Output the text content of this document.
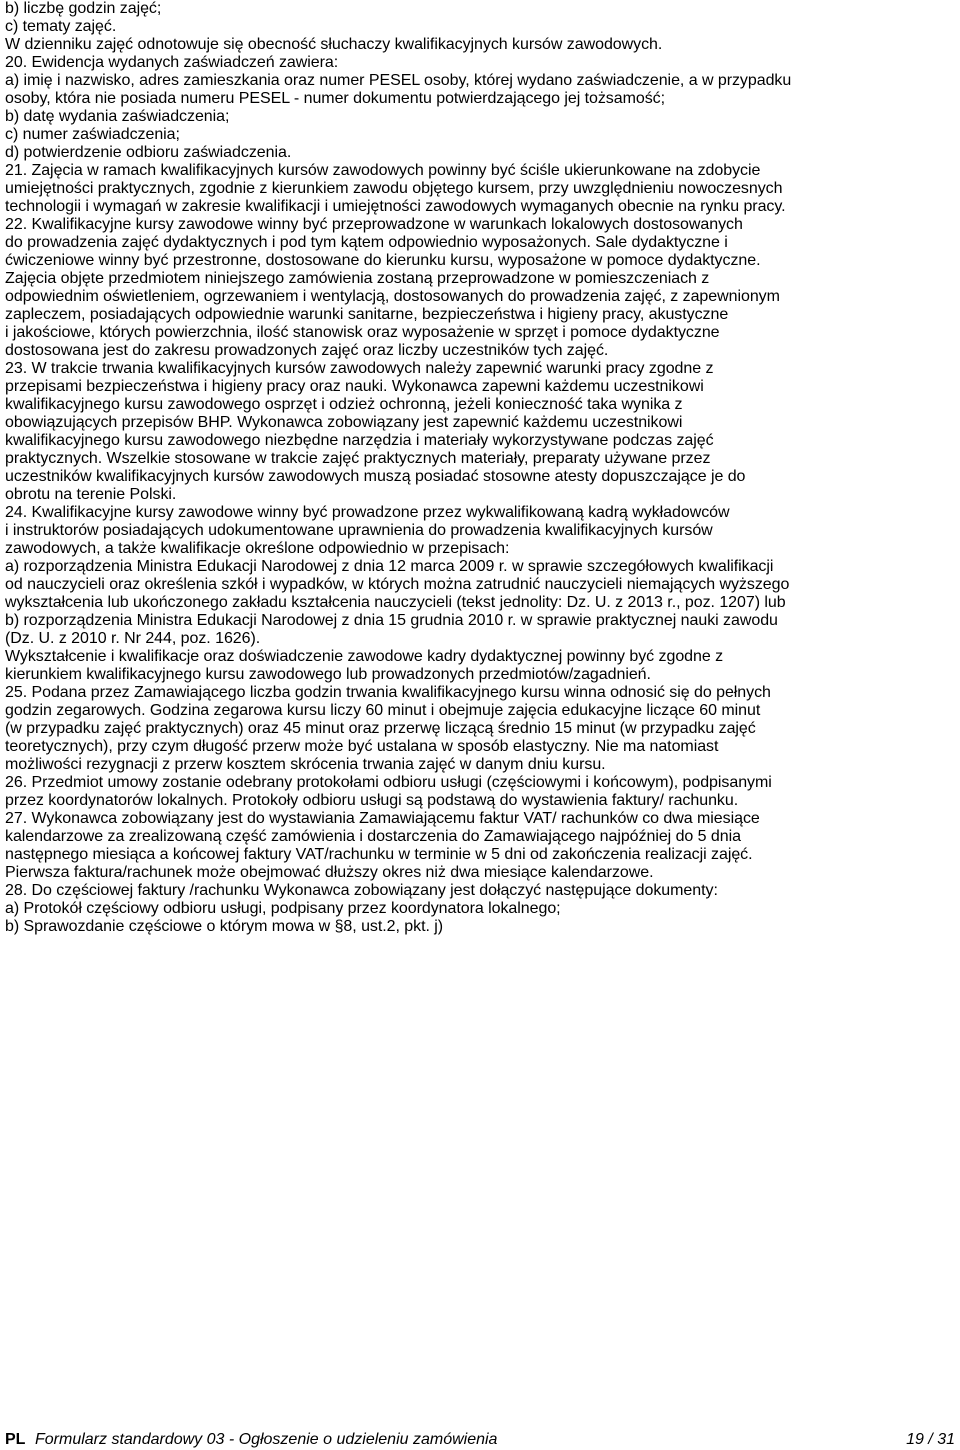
b) liczbę godzin zajęć;
c) tematy zajęć.
W dzienniku zajęć odnotowuje się obecność słuchaczy kwalifikacyjnych kursów zawodowych.
20. Ewidencja wydanych zaświadczeń zawiera:
a) imię i nazwisko, adres zamieszkania oraz numer PESEL osoby, której wydano zaświadczenie, a w przypadku
osoby, która nie posiada numeru PESEL - numer dokumentu potwierdzającego jej tożsamość;
b) datę wydania zaświadczenia;
c) numer zaświadczenia;
d) potwierdzenie odbioru zaświadczenia.
21. Zajęcia w ramach kwalifikacyjnych kursów zawodowych powinny być ściśle ukierunkowane na zdobycie
umiejętności praktycznych, zgodnie z kierunkiem zawodu objętego kursem, przy uwzględnieniu nowoczesnych
technologii i wymagań w zakresie kwalifikacji i umiejętności zawodowych wymaganych obecnie na rynku pracy.
22. Kwalifikacyjne kursy zawodowe winny być przeprowadzone w warunkach lokalowych dostosowanych
do prowadzenia zajęć dydaktycznych i pod tym kątem odpowiednio wyposażonych. Sale dydaktyczne i
ćwiczeniowe winny być przestronne, dostosowane do kierunku kursu, wyposażone w pomoce dydaktyczne.
Zajęcia objęte przedmiotem niniejszego zamówienia zostaną przeprowadzone w pomieszczeniach z
odpowiednim oświetleniem, ogrzewaniem i wentylacją, dostosowanych do prowadzenia zajęć, z zapewnionym
zapleczem, posiadających odpowiednie warunki sanitarne, bezpieczeństwa i higieny pracy, akustyczne
i jakościowe, których powierzchnia, ilość stanowisk oraz wyposażenie w sprzęt i pomoce dydaktyczne
dostosowana jest do zakresu prowadzonych zajęć oraz liczby uczestników tych zajęć.
23. W trakcie trwania kwalifikacyjnych kursów zawodowych należy zapewnić warunki pracy zgodne z
przepisami bezpieczeństwa i higieny pracy oraz nauki. Wykonawca zapewni każdemu uczestnikowi
kwalifikacyjnego kursu zawodowego osprzęt i odzież ochronną, jeżeli konieczność taka wynika z
obowiązujących przepisów BHP. Wykonawca zobowiązany jest zapewnić każdemu uczestnikowi
kwalifikacyjnego kursu zawodowego niezbędne narzędzia i materiały wykorzystywane podczas zajęć
praktycznych. Wszelkie stosowane w trakcie zajęć praktycznych materiały, preparaty używane przez
uczestników kwalifikacyjnych kursów zawodowych muszą posiadać stosowne atesty dopuszczające je do
obrotu na terenie Polski.
24. Kwalifikacyjne kursy zawodowe winny być prowadzone przez wykwalifikowaną kadrą wykładowców
i instruktorów posiadających udokumentowane uprawnienia do prowadzenia kwalifikacyjnych kursów
zawodowych, a także kwalifikacje określone odpowiednio w przepisach:
a) rozporządzenia Ministra Edukacji Narodowej z dnia 12 marca 2009 r. w sprawie szczegółowych kwalifikacji
od nauczycieli oraz określenia szkół i wypadków, w których można zatrudnić nauczycieli niemających wyższego
wykształcenia lub ukończonego zakładu kształcenia nauczycieli (tekst jednolity: Dz. U. z 2013 r., poz. 1207) lub
b) rozporządzenia Ministra Edukacji Narodowej z dnia 15 grudnia 2010 r. w sprawie praktycznej nauki zawodu
(Dz. U. z 2010 r. Nr 244, poz. 1626).
Wykształcenie i kwalifikacje oraz doświadczenie zawodowe kadry dydaktycznej powinny być zgodne z
kierunkiem kwalifikacyjnego kursu zawodowego lub prowadzonych przedmiotów/zagadnień.
25. Podana przez Zamawiającego liczba godzin trwania kwalifikacyjnego kursu winna odnosić się do pełnych
godzin zegarowych. Godzina zegarowa kursu liczy 60 minut i obejmuje zajęcia edukacyjne liczące 60 minut
(w przypadku zajęć praktycznych) oraz 45 minut oraz przerwę liczącą średnio 15 minut (w przypadku zajęć
teoretycznych), przy czym długość przerw może być ustalana w sposób elastyczny. Nie ma natomiast
możliwości rezygnacji z przerw kosztem skrócenia trwania zajęć w danym dniu kursu.
26. Przedmiot umowy zostanie odebrany protokołami odbioru usługi (częściowymi i końcowym), podpisanymi
przez koordynatorów lokalnych. Protokoły odbioru usługi są podstawą do wystawienia faktury/ rachunku.
27. Wykonawca zobowiązany jest do wystawiania Zamawiającemu faktur VAT/ rachunków co dwa miesiące
kalendarzowe za zrealizowaną część zamówienia i dostarczenia do Zamawiającego najpóźniej do 5 dnia
następnego miesiąca a końcowej faktury VAT/rachunku w terminie w 5 dni od zakończenia realizacji zajęć.
Pierwsza faktura/rachunek może obejmować dłuższy okres niż dwa miesiące kalendarzowe.
28. Do częściowej faktury /rachunku Wykonawca zobowiązany jest dołączyć następujące dokumenty:
a) Protokół częściowy odbioru usługi, podpisany przez koordynatora lokalnego;
b) Sprawozdanie częściowe o którym mowa w §8, ust.2, pkt. j)
PL Formularz standardowy 03 - Ogłoszenie o udzieleniu zamówienia	19 / 31
